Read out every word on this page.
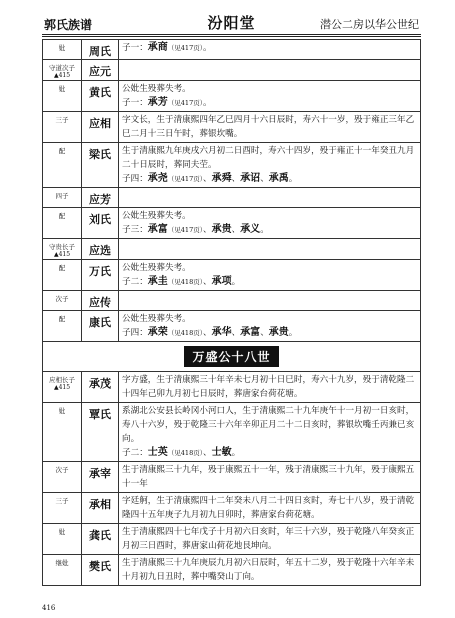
郭氏族谱	汾阳堂	潜公二房以华公世纪
妣	周氏	子一：承商（见417页）。

守道次子
▲415	应元	

妣	黄氏	公妣生殁葬失考。
子一：承芳（见417页）。

三子	应相	字文长，生于清康熙四年乙巳四月十六日辰时，寿六十一岁，殁于雍正三年乙巳二月十三日午时，葬银坎嘴。

配	梁氏	生于清康熙九年庚戌六月初二日酉时，寿六十四岁，殁于雍正十一年癸丑九月二十日辰时，葬同夫茔。
子四：承尧（见417页）、承舜、承诏、承禹。

四子	应芳	

配	刘氏	公妣生殁葬失考。
子三：承富（见417页）、承贵、承义。

守贵长子
▲415	应选	

配	万氏	公妣生殁葬失考。
子二：承圭（见418页）、承项。

次子	应传	

配	康氏	公妣生殁葬失考。
子四：承荣（见418页）、承华、承富、承贵。

万盛公十八世		

应相长子
▲415	承茂	字方盛，生于清康熙三十年辛未七月初十日巳时，寿六十九岁，殁于清乾隆二十四年己卯九月初七日辰时，葬唐家台荷花塘。

妣	覃氏	系湖北公安县长岭冈小河口人，生于清康熙二十九年庚午十一月初一日亥时，寿八十六岁，殁于乾隆三十六年辛卯正月二十二日亥时，葬银坎嘴壬丙兼已亥向。
子二：士英（见418页）、士敏。

次子	承宰	生于清康熙三十九年，殁于康熙五十一年，残于清康熙三十九年，殁于康熙五十一年

三子	承相	字廷舸，生于清康熙四十二年癸未八月二十四日亥时，寿七十八岁，殁于清乾隆四十五年庚子九月初九日卯时，葬唐家台荷花塘。

妣	龚氏	生于清康熙四十七年戊子十月初六日亥时，年三十六岁，殁于乾隆八年癸亥正月初三日酉时，葬唐家山荷花地艮坤向。

继妣	樊氏	生于清康熙三十九年庚辰九月初六日辰时，年五十二岁，殁于乾隆十六年辛未十月初九日丑时，葬中嘴癸山丁向。
416
